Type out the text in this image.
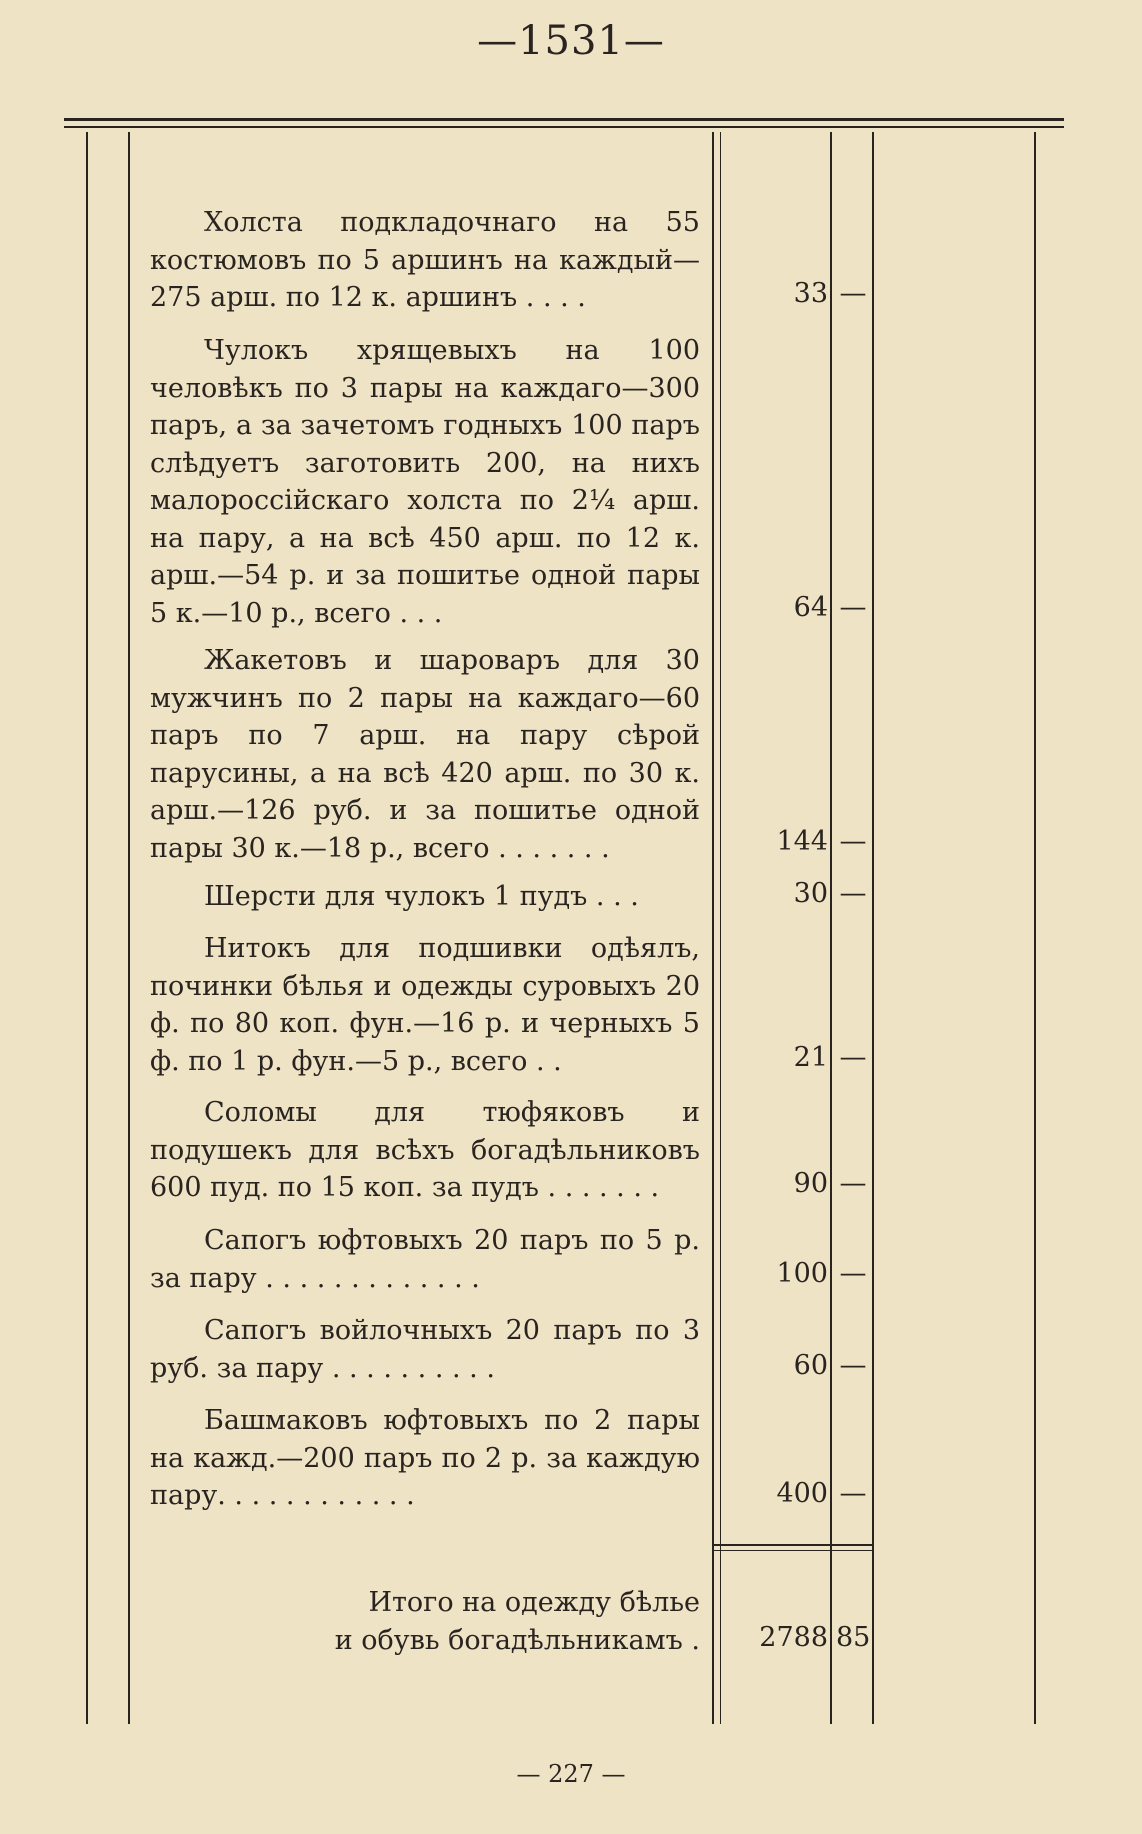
—1531—
Холста подкладочнаго на 55 костюмовъ по 5 аршинъ на каждый—275 арш. по 12 к. аршинъ . . . .	33 —
Чулокъ хрящевыхъ на 100 человѣкъ по 3 пары на каждаго—300 паръ, а за зачетомъ годныхъ 100 паръ слѣдуетъ заготовить 200, на нихъ малороссійскаго холста по 2¼ арш. на пару, а на всѣ 450 арш. по 12 к. арш.—54 р. и за пошитье одной пары 5 к.—10 р., всего . . .	64 —
Жакетовъ и шароваръ для 30 мужчинъ по 2 пары на каждаго—60 паръ по 7 арш. на пару сѣрой парусины, а на всѣ 420 арш. по 30 к. арш.—126 руб. и за пошитье одной пары 30 к.—18 р., всего . . . . . . .	144 —
Шерсти для чулокъ 1 пудъ . . .	30 —
Нитокъ для подшивки одѣялъ, починки бѣлья и одежды суровыхъ 20 ф. по 80 коп. фун.—16 р. и черныхъ 5 ф. по 1 р. фун.—5 р., всего . .	21 —
Соломы для тюфяковъ и подушекъ для всѣхъ богадѣльниковъ 600 пуд. по 15 коп. за пудъ . . . . . . .	90 —
Сапогъ юфтовыхъ 20 паръ по 5 р. за пару . . . . . . . . . . . . .	100 —
Сапогъ войлочныхъ 20 паръ по 3 руб. за пару . . . . . . . . . .	60 —
Башмаковъ юфтовыхъ по 2 пары на кажд.—200 паръ по 2 р. за каждую пару. . . . . . . . . . . .	400 —
Итого на одежду бѣлье
и обувь богадѣльникамъ .	2788 85
— 227 —
